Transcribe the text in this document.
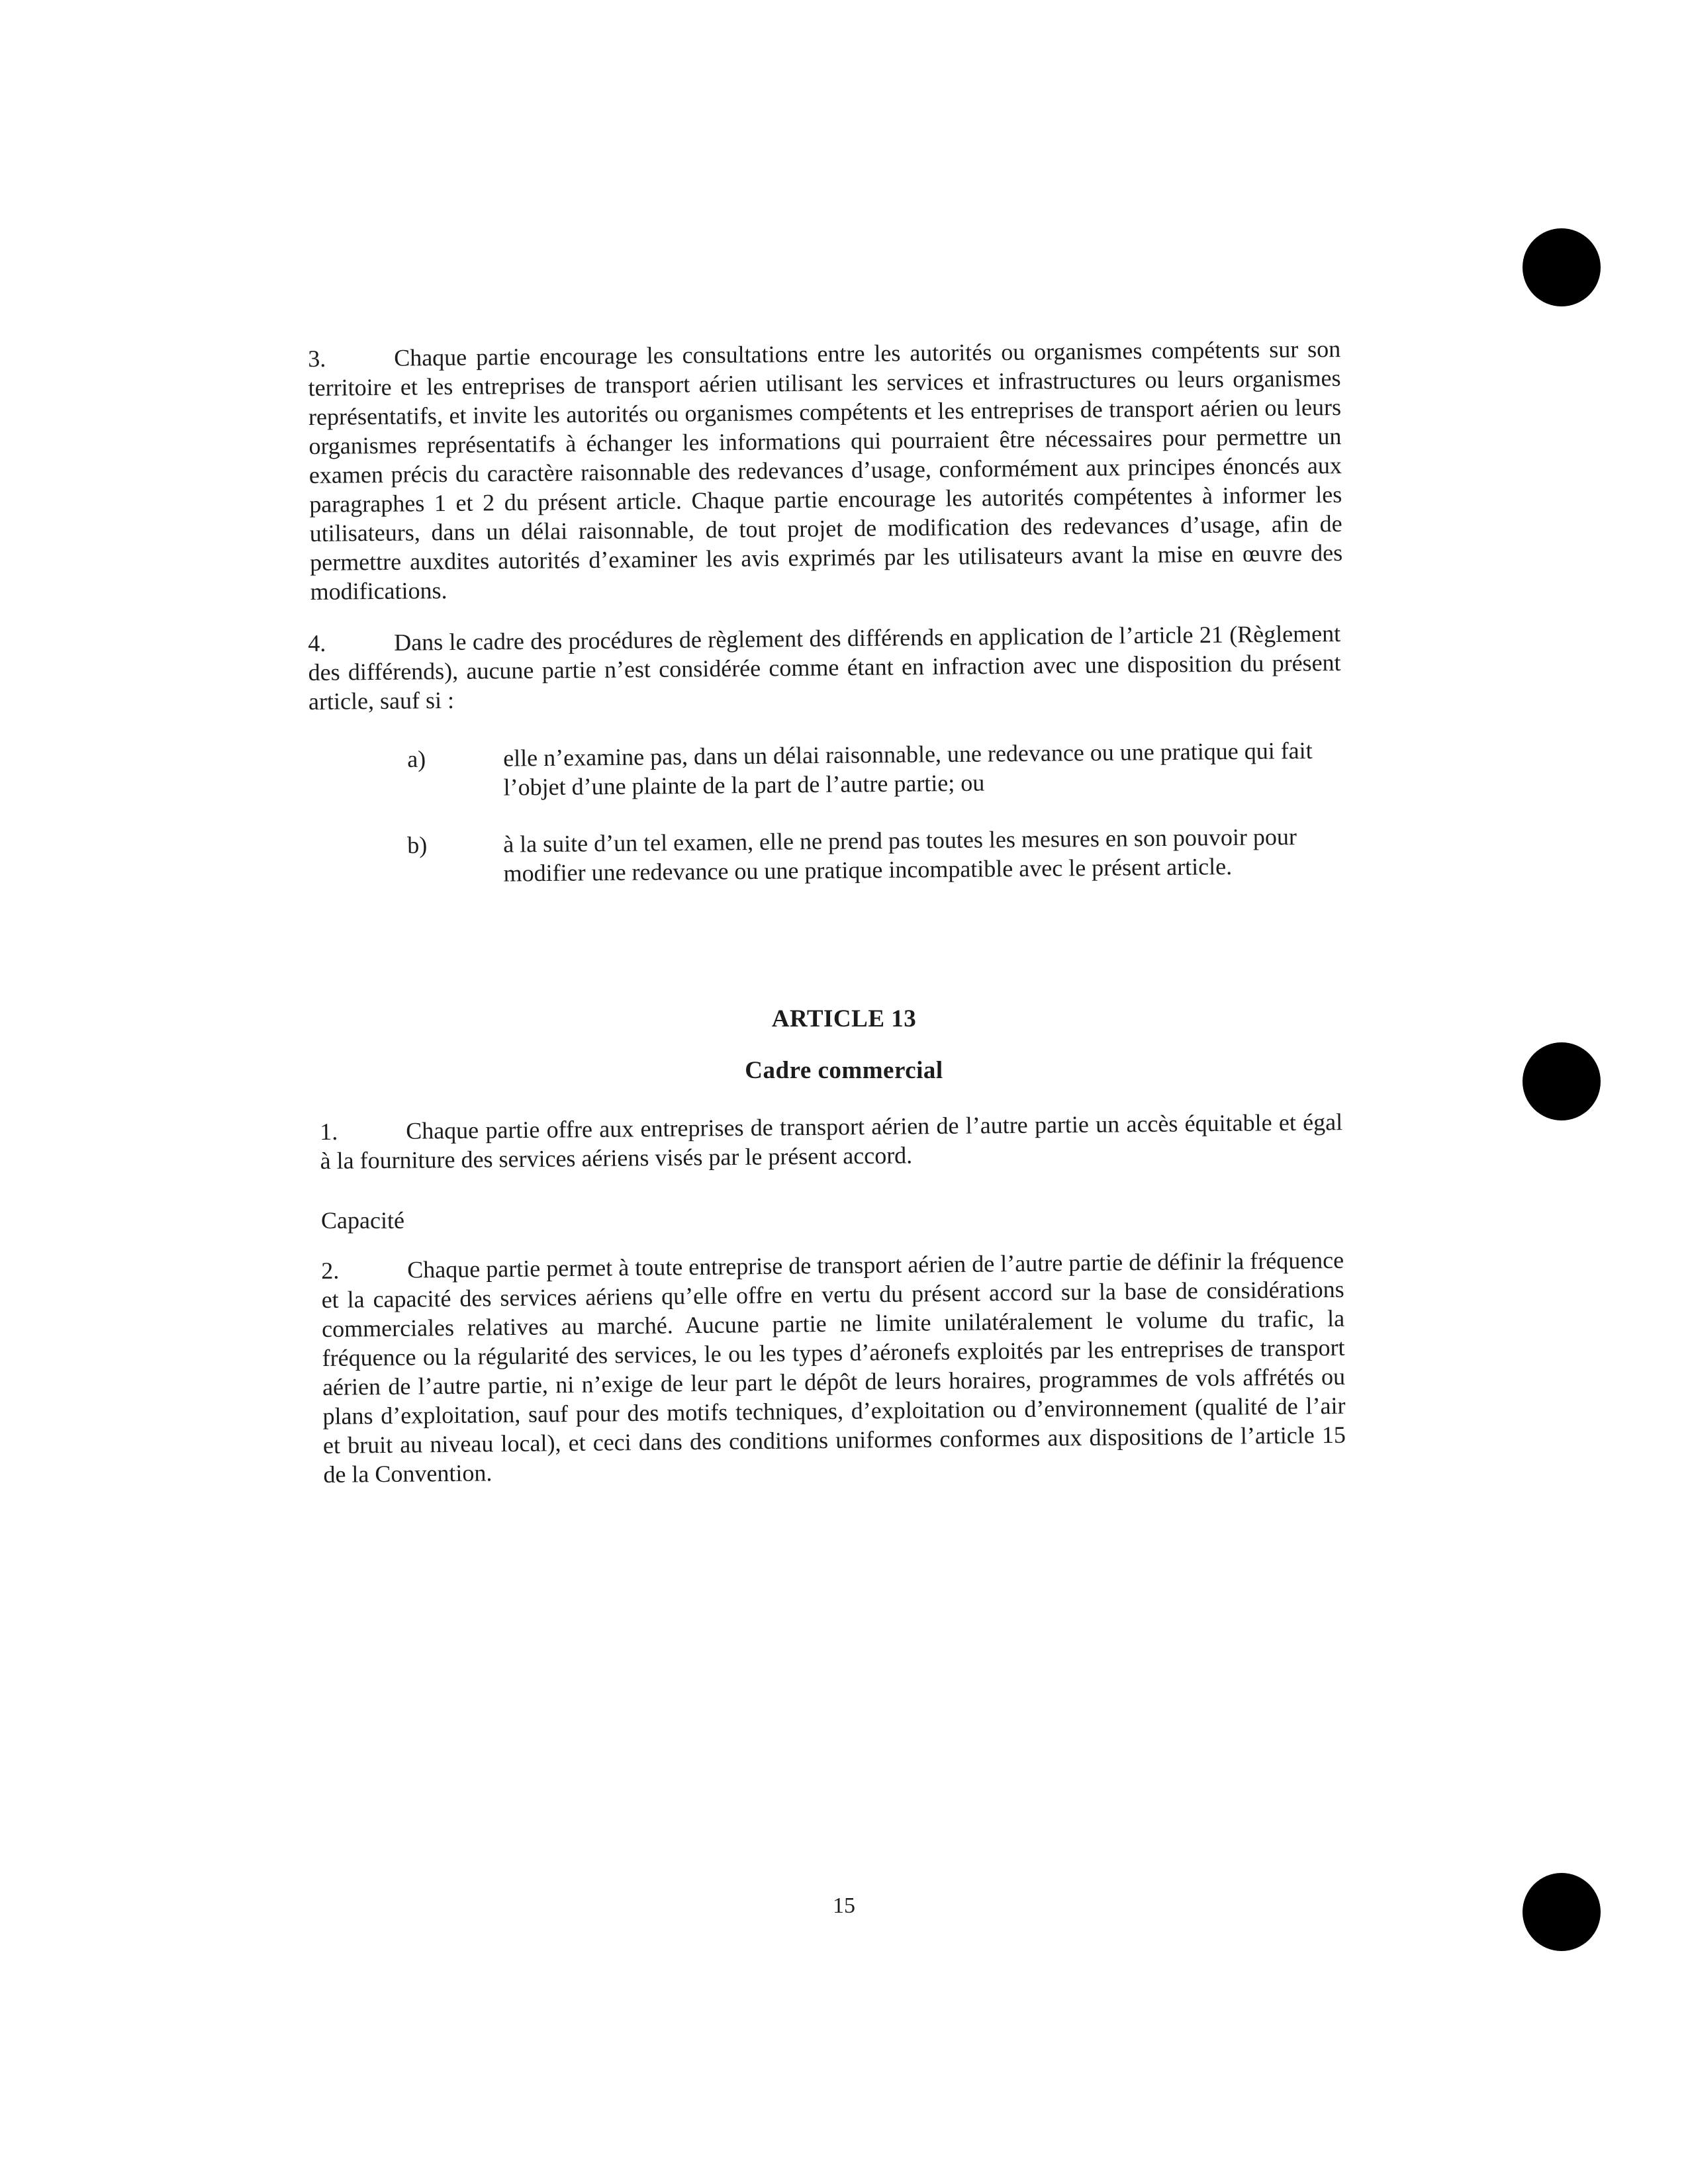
3.	Chaque partie encourage les consultations entre les autorités ou organismes compétents sur son territoire et les entreprises de transport aérien utilisant les services et infrastructures ou leurs organismes représentatifs, et invite les autorités ou organismes compétents et les entreprises de transport aérien ou leurs organismes représentatifs à échanger les informations qui pourraient être nécessaires pour permettre un examen précis du caractère raisonnable des redevances d’usage, conformément aux principes énoncés aux paragraphes 1 et 2 du présent article. Chaque partie encourage les autorités compétentes à informer les utilisateurs, dans un délai raisonnable, de tout projet de modification des redevances d’usage, afin de permettre auxdites autorités d’examiner les avis exprimés par les utilisateurs avant la mise en œuvre des modifications.

4.	Dans le cadre des procédures de règlement des différends en application de l’article 21 (Règlement des différends), aucune partie n’est considérée comme étant en infraction avec une disposition du présent article, sauf si :

a)	elle n’examine pas, dans un délai raisonnable, une redevance ou une pratique qui fait l’objet d’une plainte de la part de l’autre partie; ou
b)	à la suite d’un tel examen, elle ne prend pas toutes les mesures en son pouvoir pour modifier une redevance ou une pratique incompatible avec le présent article.
ARTICLE 13
Cadre commercial

1.	Chaque partie offre aux entreprises de transport aérien de l’autre partie un accès équitable et égal à la fourniture des services aériens visés par le présent accord.

Capacité

2.	Chaque partie permet à toute entreprise de transport aérien de l’autre partie de définir la fréquence et la capacité des services aériens qu’elle offre en vertu du présent accord sur la base de considérations commerciales relatives au marché. Aucune partie ne limite unilatéralement le volume du trafic, la fréquence ou la régularité des services, le ou les types d’aéronefs exploités par les entreprises de transport aérien de l’autre partie, ni n’exige de leur part le dépôt de leurs horaires, programmes de vols affrétés ou plans d’exploitation, sauf pour des motifs techniques, d’exploitation ou d’environnement (qualité de l’air et bruit au niveau local), et ceci dans des conditions uniformes conformes aux dispositions de l’article 15 de la Convention.

15
